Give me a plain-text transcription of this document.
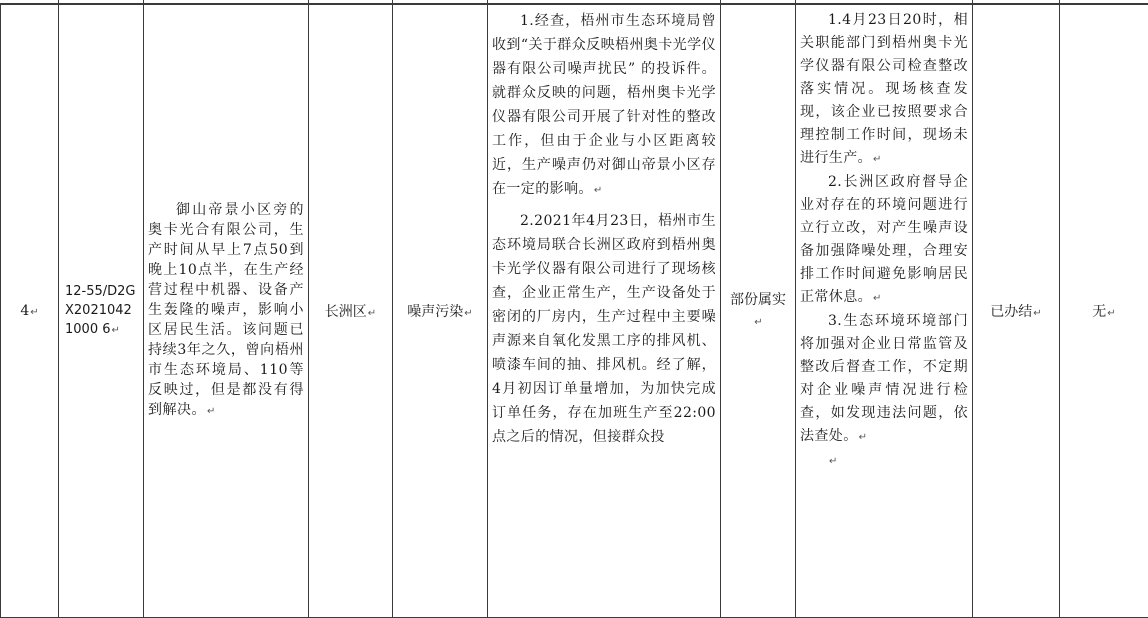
4↵	
12-55/D2GX20210421000 6↵

御山帝景小区旁的奥卡光合有限公司，生产时间从早上7点50到晚上10点半，在生产经营过程中机器、设备产生轰隆的噪声，影响小区居民生活。该问题已持续3年之久，曾向梧州市生态环境局、110等反映过，但是都没有得到解决。↵

	长洲区↵	噪声污染↵	

1.经查，梧州市生态环境局曾收到“关于群众反映梧州奥卡光学仪器有限公司噪声扰民” 的投诉件。就群众反映的问题，梧州奥卡光学仪器有限公司开展了针对性的整改工作，但由于企业与小区距离较近，生产噪声仍对御山帝景小区存在一定的影响。↵

2.2021年4月23日，梧州市生态环境局联合长洲区政府到梧州奥卡光学仪器有限公司进行了现场核查，企业正常生产，生产设备处于密闭的厂房内，生产过程中主要噪声源来自氧化发黑工序的排风机、喷漆车间的抽、排风机。经了解，4月初因订单量增加，为加快完成订单任务，存在加班生产至22:00点之后的情况，但接群众投

部份属实↵

1.4月23日20时，相关职能部门到梧州奥卡光学仪器有限公司检查整改落实情况。现场核查发现，该企业已按照要求合理控制工作时间，现场未进行生产。↵

2.长洲区政府督导企业对存在的环境问题进行立行立改，对产生噪声设备加强降噪处理，合理安排工作时间避免影响居民正常休息。↵

3.生态环境环境部门将加强对企业日常监管及整改后督查工作，不定期对企业噪声情况进行检查，如发现违法问题，依法查处。↵

↵

	已办结↵	无↵
